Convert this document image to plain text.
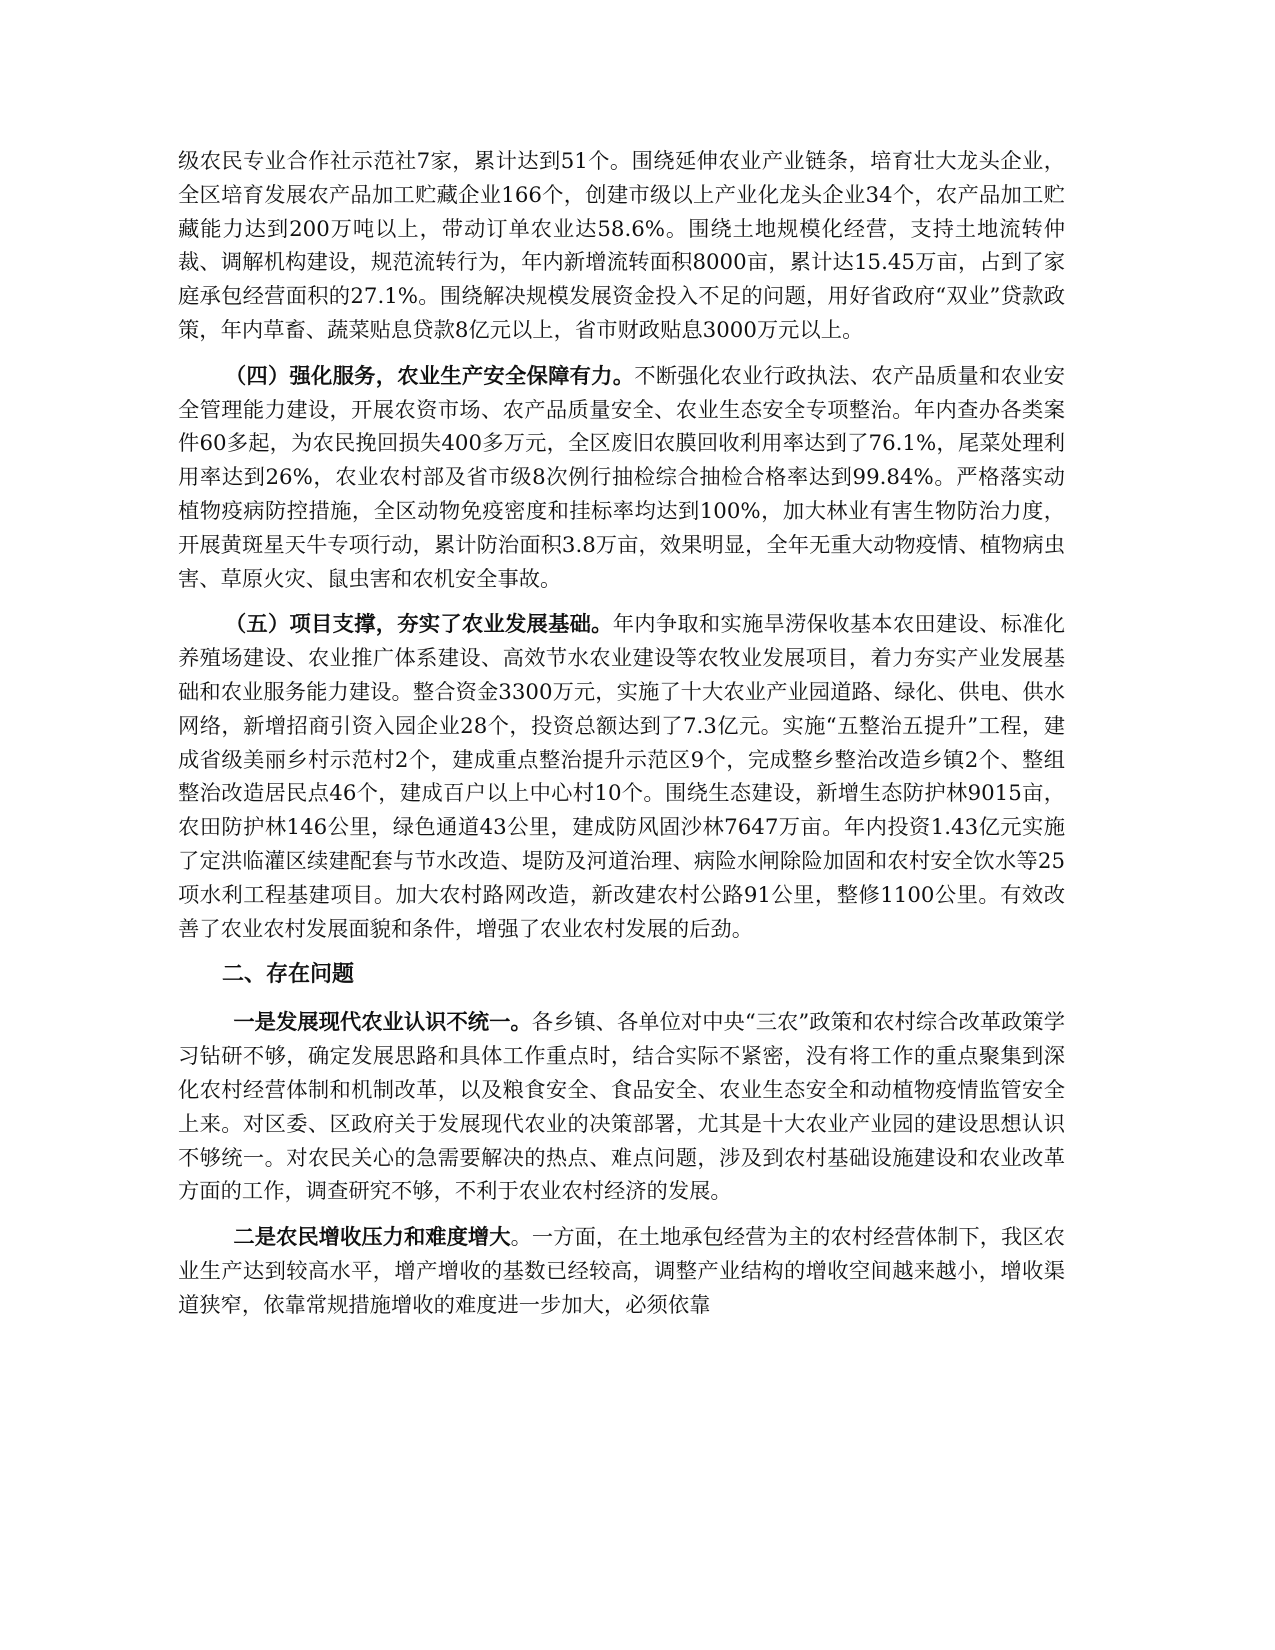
级农民专业合作社示范社7家，累计达到51个。围绕延伸农业产业链条，培育壮大龙头企业，全区培育发展农产品加工贮藏企业166个，创建市级以上产业化龙头企业34个，农产品加工贮藏能力达到200万吨以上，带动订单农业达58.6%。围绕土地规模化经营，支持土地流转仲裁、调解机构建设，规范流转行为，年内新增流转面积8000亩，累计达15.45万亩，占到了家庭承包经营面积的27.1%。围绕解决规模发展资金投入不足的问题，用好省政府“双业”贷款政策，年内草畜、蔬菜贴息贷款8亿元以上，省市财政贴息3000万元以上。

（四）强化服务，农业生产安全保障有力。不断强化农业行政执法、农产品质量和农业安全管理能力建设，开展农资市场、农产品质量安全、农业生态安全专项整治。年内查办各类案件60多起，为农民挽回损失400多万元，全区废旧农膜回收利用率达到了76.1%，尾菜处理利用率达到26%，农业农村部及省市级8次例行抽检综合抽检合格率达到99.84%。严格落实动植物疫病防控措施，全区动物免疫密度和挂标率均达到100%，加大林业有害生物防治力度，开展黄斑星天牛专项行动，累计防治面积3.8万亩，效果明显，全年无重大动物疫情、植物病虫害、草原火灾、鼠虫害和农机安全事故。

（五）项目支撑，夯实了农业发展基础。年内争取和实施旱涝保收基本农田建设、标准化养殖场建设、农业推广体系建设、高效节水农业建设等农牧业发展项目，着力夯实产业发展基础和农业服务能力建设。整合资金3300万元，实施了十大农业产业园道路、绿化、供电、供水网络，新增招商引资入园企业28个，投资总额达到了7.3亿元。实施“五整治五提升”工程，建成省级美丽乡村示范村2个，建成重点整治提升示范区9个，完成整乡整治改造乡镇2个、整组整治改造居民点46个，建成百户以上中心村10个。围绕生态建设，新增生态防护林9015亩，农田防护林146公里，绿色通道43公里，建成防风固沙林7647万亩。年内投资1.43亿元实施了定洪临灌区续建配套与节水改造、堤防及河道治理、病险水闸除险加固和农村安全饮水等25项水利工程基建项目。加大农村路网改造，新改建农村公路91公里，整修1100公里。有效改善了农业农村发展面貌和条件，增强了农业农村发展的后劲。

二、存在问题

一是发展现代农业认识不统一。各乡镇、各单位对中央“三农”政策和农村综合改革政策学习钻研不够，确定发展思路和具体工作重点时，结合实际不紧密，没有将工作的重点聚集到深化农村经营体制和机制改革，以及粮食安全、食品安全、农业生态安全和动植物疫情监管安全上来。对区委、区政府关于发展现代农业的决策部署，尤其是十大农业产业园的建设思想认识不够统一。对农民关心的急需要解决的热点、难点问题，涉及到农村基础设施建设和农业改革方面的工作，调查研究不够，不利于农业农村经济的发展。

二是农民增收压力和难度增大。一方面，在土地承包经营为主的农村经营体制下，我区农业生产达到较高水平，增产增收的基数已经较高，调整产业结构的增收空间越来越小，增收渠道狭窄，依靠常规措施增收的难度进一步加大，必须依靠
